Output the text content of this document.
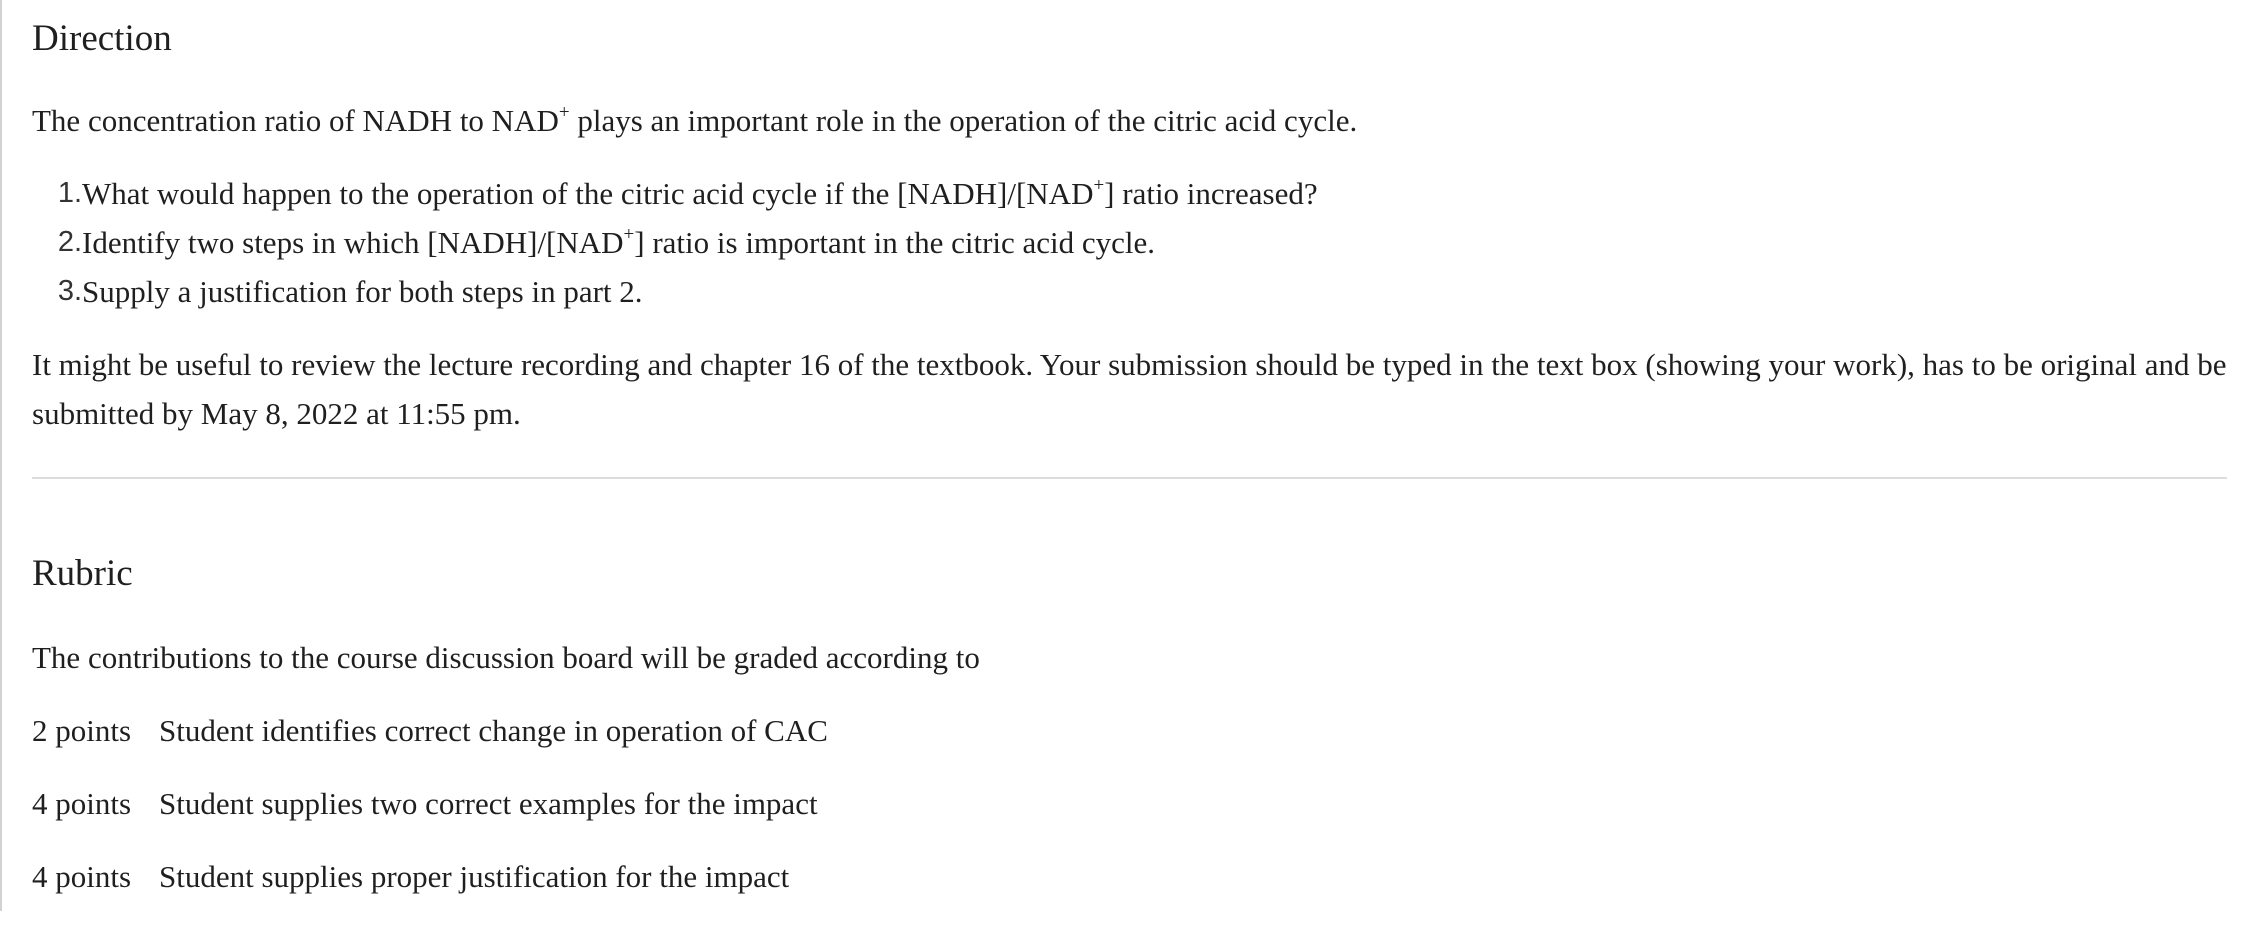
Direction

The concentration ratio of NADH to NAD+ plays an important role in the operation of the citric acid cycle.

1. What would happen to the operation of the citric acid cycle if the [NADH]/[NAD+] ratio increased?
2. Identify two steps in which [NADH]/[NAD+] ratio is important in the citric acid cycle.
3. Supply a justification for both steps in part 2.

It might be useful to review the lecture recording and chapter 16 of the textbook. Your submission should be typed in the text box (showing your work), has to be original and be submitted by May 8, 2022 at 11:55 pm.

Rubric

The contributions to the course discussion board will be graded according to

2 points Student identifies correct change in operation of CAC
4 points Student supplies two correct examples for the impact
4 points Student supplies proper justification for the impact
